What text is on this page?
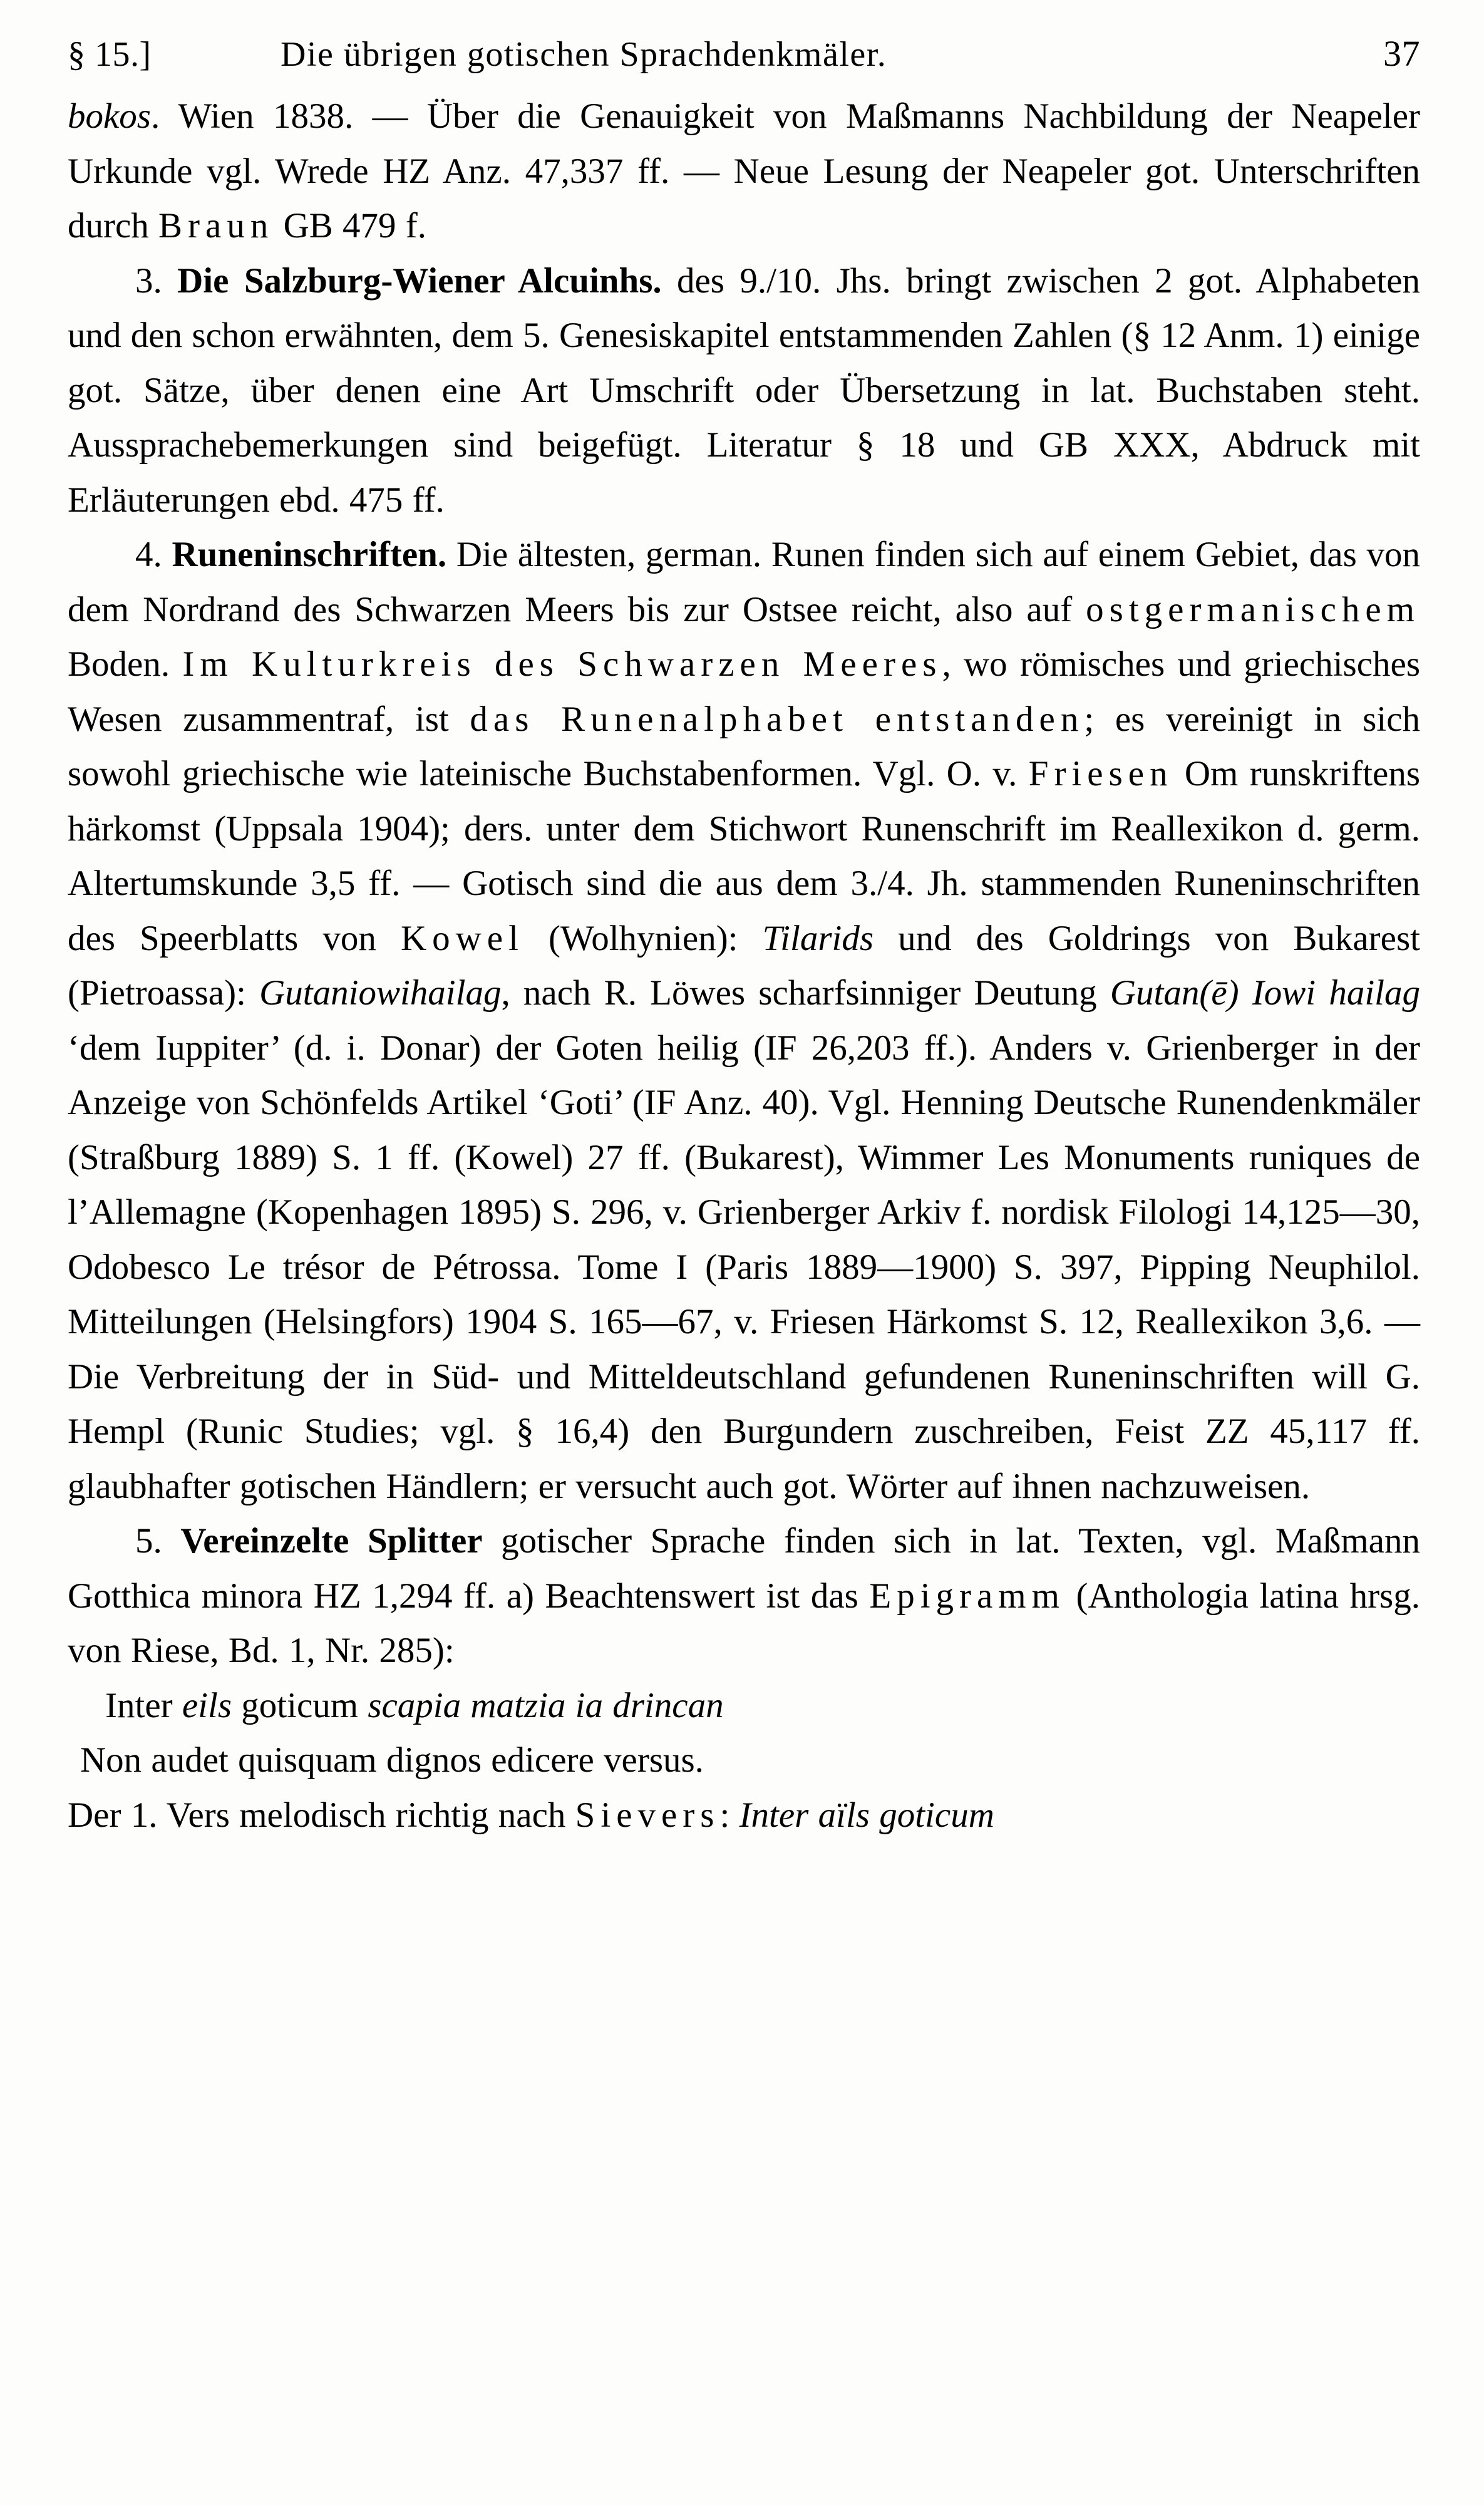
§ 15.]	Die übrigen gotischen Sprachdenkmäler.	37

bokos. Wien 1838. — Über die Genauigkeit von Maßmanns Nachbildung der Neapeler Urkunde vgl. Wrede HZ Anz. 47,337 ff. — Neue Lesung der Neapeler got. Unterschriften durch Braun GB 479 f.

3. Die Salzburg-Wiener Alcuinhs. des 9./10. Jhs. bringt zwischen 2 got. Alphabeten und den schon erwähnten, dem 5. Genesiskapitel entstammenden Zahlen (§ 12 Anm. 1) einige got. Sätze, über denen eine Art Umschrift oder Übersetzung in lat. Buchstaben steht. Aussprachebemerkungen sind beigefügt. Literatur § 18 und GB XXX, Abdruck mit Erläuterungen ebd. 475 ff.

4. Runeninschriften. Die ältesten, german. Runen finden sich auf einem Gebiet, das von dem Nordrand des Schwarzen Meers bis zur Ostsee reicht, also auf ostgermanischem Boden. Im Kulturkreis des Schwarzen Meeres, wo römisches und griechisches Wesen zusammentraf, ist das Runenalphabet entstanden; es vereinigt in sich sowohl griechische wie lateinische Buchstabenformen. Vgl. O. v. Friesen Om runskriftens härkomst (Uppsala 1904); ders. unter dem Stichwort Runenschrift im Reallexikon d. germ. Altertumskunde 3,5 ff. — Gotisch sind die aus dem 3./4. Jh. stammenden Runeninschriften des Speerblatts von Kowel (Wolhynien): Tilarids und des Goldrings von Bukarest (Pietroassa): Gutaniowihailag, nach R. Löwes scharfsinniger Deutung Gutan(ē) Iowi hailag ‘dem Iuppiter’ (d. i. Donar) der Goten heilig (IF 26,203 ff.). Anders v. Grienberger in der Anzeige von Schönfelds Artikel ‘Goti’ (IF Anz. 40). Vgl. Henning Deutsche Runendenkmäler (Straßburg 1889) S. 1 ff. (Kowel) 27 ff. (Bukarest), Wimmer Les Monuments runiques de l’Allemagne (Kopenhagen 1895) S. 296, v. Grienberger Arkiv f. nordisk Filologi 14,125—30, Odobesco Le trésor de Pétrossa. Tome I (Paris 1889—1900) S. 397, Pipping Neuphilol. Mitteilungen (Helsingfors) 1904 S. 165—67, v. Friesen Härkomst S. 12, Reallexikon 3,6. — Die Verbreitung der in Süd- und Mitteldeutschland gefundenen Runeninschriften will G. Hempl (Runic Studies; vgl. § 16,4) den Burgundern zuschreiben, Feist ZZ 45,117 ff. glaubhafter gotischen Händlern; er versucht auch got. Wörter auf ihnen nachzuweisen.

5. Vereinzelte Splitter gotischer Sprache finden sich in lat. Texten, vgl. Maßmann Gotthica minora HZ 1,294 ff. a) Beachtenswert ist das Epigramm (Anthologia latina hrsg. von Riese, Bd. 1, Nr. 285):

Inter eils goticum scapia matzia ia drincan

Non audet quisquam dignos edicere versus.

Der 1. Vers melodisch richtig nach Sievers: Inter aïls goticum
